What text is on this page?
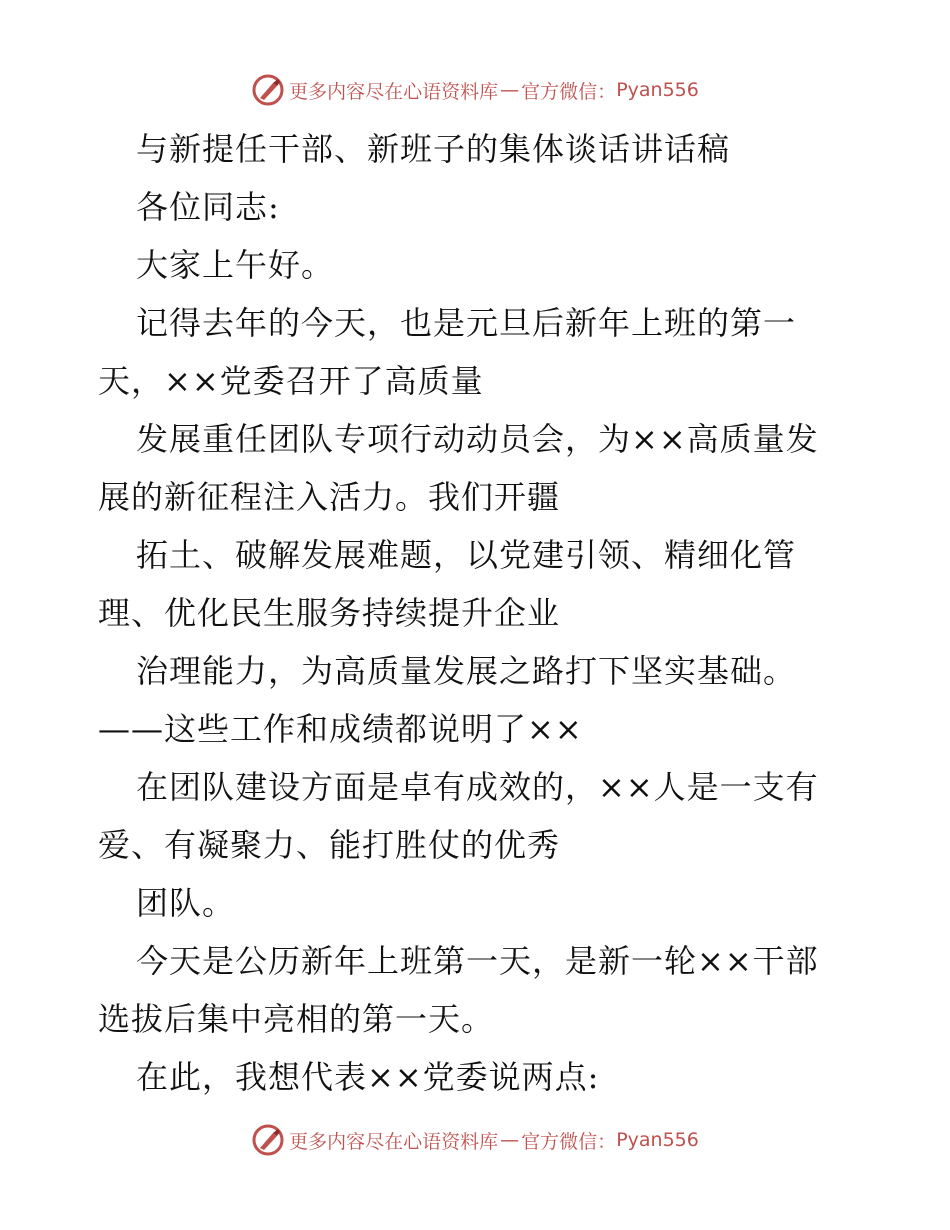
更多内容尽在心语资料库 — 官方微信： Pyan556
与新提任干部、新班子的集体谈话讲话稿
各位同志:
大家上午好。
记得去年的今天，也是元旦后新年上班的第一
天，××党委召开了高质量
发展重任团队专项行动动员会，为××高质量发
展的新征程注入活力。我们开疆
拓土、破解发展难题，以党建引领、精细化管
理、优化民生服务持续提升企业
治理能力，为高质量发展之路打下坚实基础。
——这些工作和成绩都说明了××
在团队建设方面是卓有成效的，××人是一支有
爱、有凝聚力、能打胜仗的优秀
团队。
今天是公历新年上班第一天，是新一轮××干部
选拔后集中亮相的第一天。
在此，我想代表××党委说两点:
更多内容尽在心语资料库 — 官方微信： Pyan556
